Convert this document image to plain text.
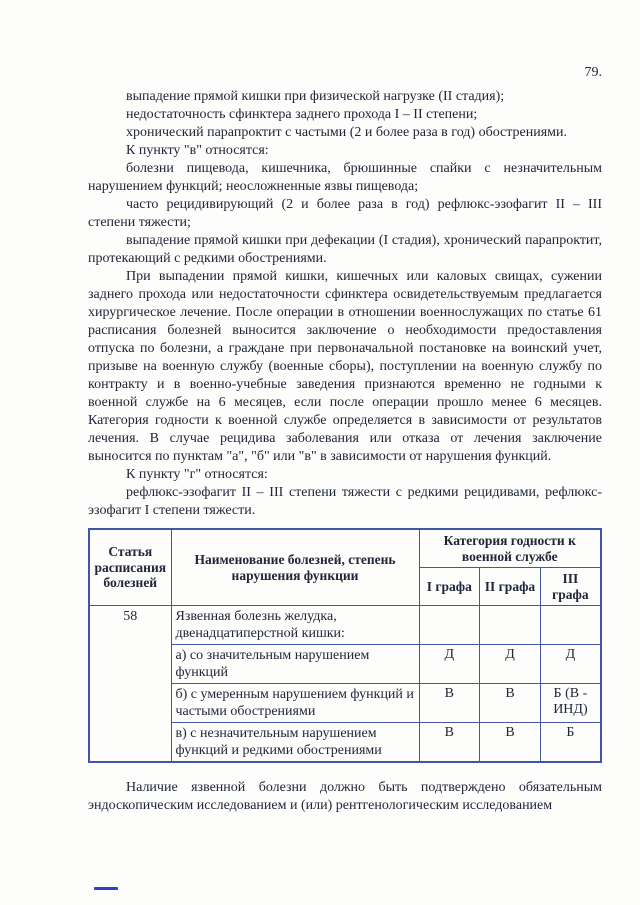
79.

выпадение прямой кишки при физической нагрузке (II стадия);

недостаточность сфинктера заднего прохода I – II степени;

хронический парапроктит с частыми (2 и более раза в год) обострениями.

К пункту "в" относятся:

болезни пищевода, кишечника, брюшинные спайки с незначительным нарушением функций; неосложненные язвы пищевода;

часто рецидивирующий (2 и более раза в год) рефлюкс-эзофагит II – III степени тяжести;

выпадение прямой кишки при дефекации (I стадия), хронический парапроктит, протекающий с редкими обострениями.

При выпадении прямой кишки, кишечных или каловых свищах, сужении заднего прохода или недостаточности сфинктера освидетельствуемым предлагается хирургическое лечение. После операции в отношении военнослужащих по статье 61 расписания болезней выносится заключение о необходимости предоставления отпуска по болезни, а граждане при первоначальной постановке на воинский учет, призыве на военную службу (военные сборы), поступлении на военную службу по контракту и в военно-учебные заведения признаются временно не годными к военной службе на 6 месяцев, если после операции прошло менее 6 месяцев. Категория годности к военной службе определяется в зависимости от результатов лечения. В случае рецидива заболевания или отказа от лечения заключение выносится по пунктам "а", "б" или "в" в зависимости от нарушения функций.

К пункту "г" относятся:

рефлюкс-эзофагит II – III степени тяжести с редкими рецидивами, рефлюкс-эзофагит I степени тяжести.

Статья расписания болезней	Наименование болезней, степень нарушения функции	Категория годности к военной службе		
		I графа	II графа	III графа
58	Язвенная болезнь желудка, двенадцатиперстной кишки:			
	а) со значительным нарушением функций	Д	Д	Д
	б) с умеренным нарушением функций и частыми обострениями	В	В	Б (В - ИНД)
	в) с незначительным нарушением функций и редкими обострениями	В	В	Б

Наличие язвенной болезни должно быть подтверждено обязательным эндоскопическим исследованием и (или) рентгенологическим исследованием
